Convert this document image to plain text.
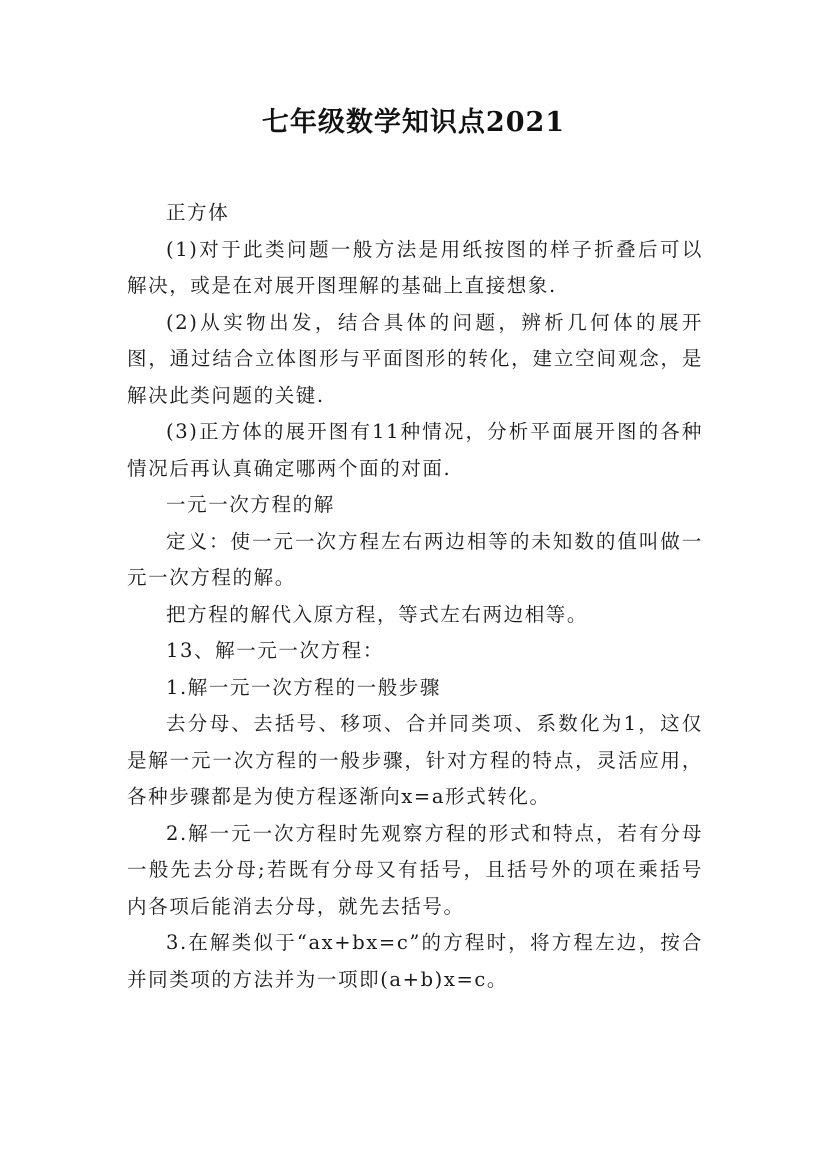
七年级数学知识点2021

正方体

(1)对于此类问题一般方法是用纸按图的样子折叠后可以解决，或是在对展开图理解的基础上直接想象.

(2)从实物出发，结合具体的问题，辨析几何体的展开图，通过结合立体图形与平面图形的转化，建立空间观念，是解决此类问题的关键.

(3)正方体的展开图有11种情况，分析平面展开图的各种情况后再认真确定哪两个面的对面.

一元一次方程的解

定义：使一元一次方程左右两边相等的未知数的值叫做一元一次方程的解。

把方程的解代入原方程，等式左右两边相等。

13、解一元一次方程：

1.解一元一次方程的一般步骤

去分母、去括号、移项、合并同类项、系数化为1，这仅是解一元一次方程的一般步骤，针对方程的特点，灵活应用，各种步骤都是为使方程逐渐向x=a形式转化。

2.解一元一次方程时先观察方程的形式和特点，若有分母一般先去分母;若既有分母又有括号，且括号外的项在乘括号内各项后能消去分母，就先去括号。

3.在解类似于“ax+bx=c”的方程时，将方程左边，按合并同类项的方法并为一项即(a+b)x=c。
